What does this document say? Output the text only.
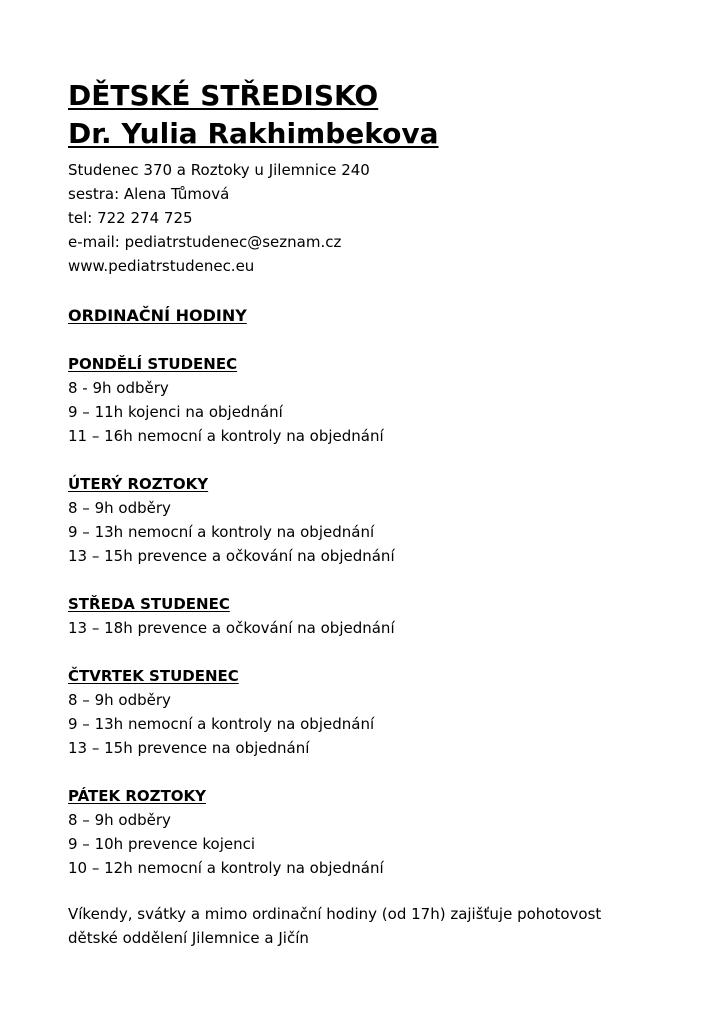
DĚTSKÉ STŘEDISKO
Dr. Yulia Rakhimbekova
Studenec 370 a Roztoky u Jilemnice 240
sestra: Alena Tůmová
tel: 722 274 725
e-mail: pediatrstudenec@seznam.cz
www.pediatrstudenec.eu
ORDINAČNÍ HODINY
PONDĚLÍ STUDENEC
8 - 9h odběry
9 – 11h kojenci na objednání
11 – 16h nemocní a kontroly na objednání
ÚTERÝ ROZTOKY
8 – 9h odběry
9 – 13h nemocní a kontroly na objednání
13 – 15h prevence a očkování na objednání
STŘEDA STUDENEC
13 – 18h prevence a očkování na objednání
ČTVRTEK STUDENEC
8 – 9h odběry
9 – 13h nemocní a kontroly na objednání
13 – 15h prevence na objednání
PÁTEK ROZTOKY
8 – 9h odběry
9 – 10h prevence kojenci
10 – 12h nemocní a kontroly na objednání
Víkendy, svátky a mimo ordinační hodiny (od 17h) zajišťuje pohotovost
dětské oddělení Jilemnice a Jičín
